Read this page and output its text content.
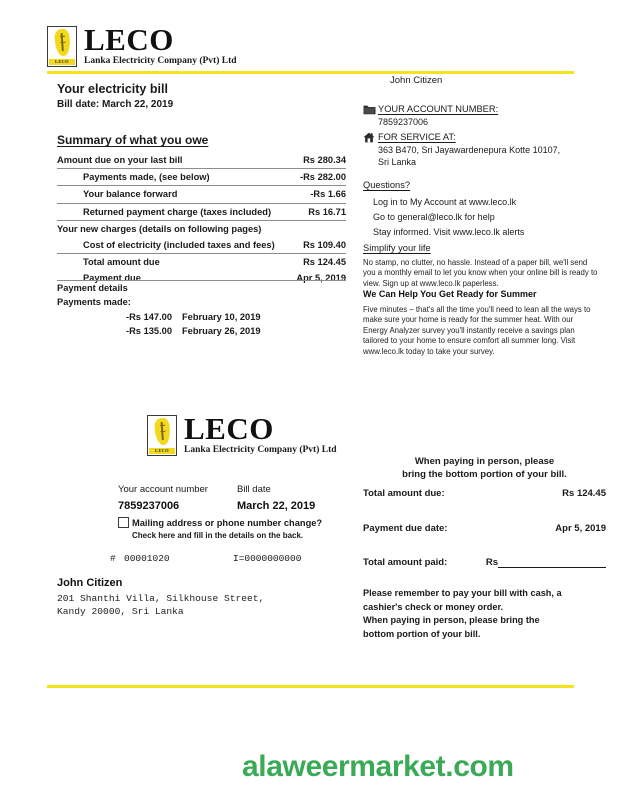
LECO
LECO
Lanka Electricity Company (Pvt) Ltd
Your electricity bill
Bill date: March 22, 2019
Summary of what you owe
Amount due on your last bill	Rs 280.34
Payments made, (see below)	-Rs 282.00
Your balance forward	-Rs 1.66
Returned payment charge (taxes included)	Rs 16.71
Your new charges (details on following pages)	
Cost of electricity (included taxes and fees)	Rs 109.40
Total amount due	Rs 124.45
Payment due	Apr 5, 2019
Payment details
Payments made:
-Rs 147.00 February 10, 2019
-Rs 135.00 February 26, 2019
John Citizen
YOUR ACCOUNT NUMBER:
7859237006
FOR SERVICE AT:
363 B470, Sri Jayawardenepura Kotte 10107,
Sri Lanka
Questions?
Log in to My Account at www.leco.lk
Go to general@leco.lk for help
Stay informed. Visit www.leco.lk alerts
Simplify your life
No stamp, no clutter, no hassle. Instead of a paper bill, we'll send you a monthly email to let you know when your online bill is ready to view. Sign up at www.leco.lk paperless.
We Can Help You Get Ready for Summer
Five minutes – that's all the time you'll need to lean all the ways to make sure your home is ready for the summer heat. With our Energy Analyzer survey you'll instantly receive a savings plan tailored to your home to ensure comfort all summer long. Visit www.leco.lk today to take your survey.
LECO
LECO
Lanka Electricity Company (Pvt) Ltd
Your account number	Bill date
7859237006	March 22, 2019
Mailing address or phone number change?
Check here and fill in the details on the back.
# 00001020	I=0000000000
John Citizen
201 Shanthi Villa, Silkhouse Street,
Kandy 20000, Sri Lanka
When paying in person, please
bring the bottom portion of your bill.
Total amount due:	Rs 124.45
Payment due date:	Apr 5, 2019
Total amount paid:	Rs
Please remember to pay your bill with cash, a
cashier's check or money order.
When paying in person, please bring the
bottom portion of your bill.
alaweermarket.com
